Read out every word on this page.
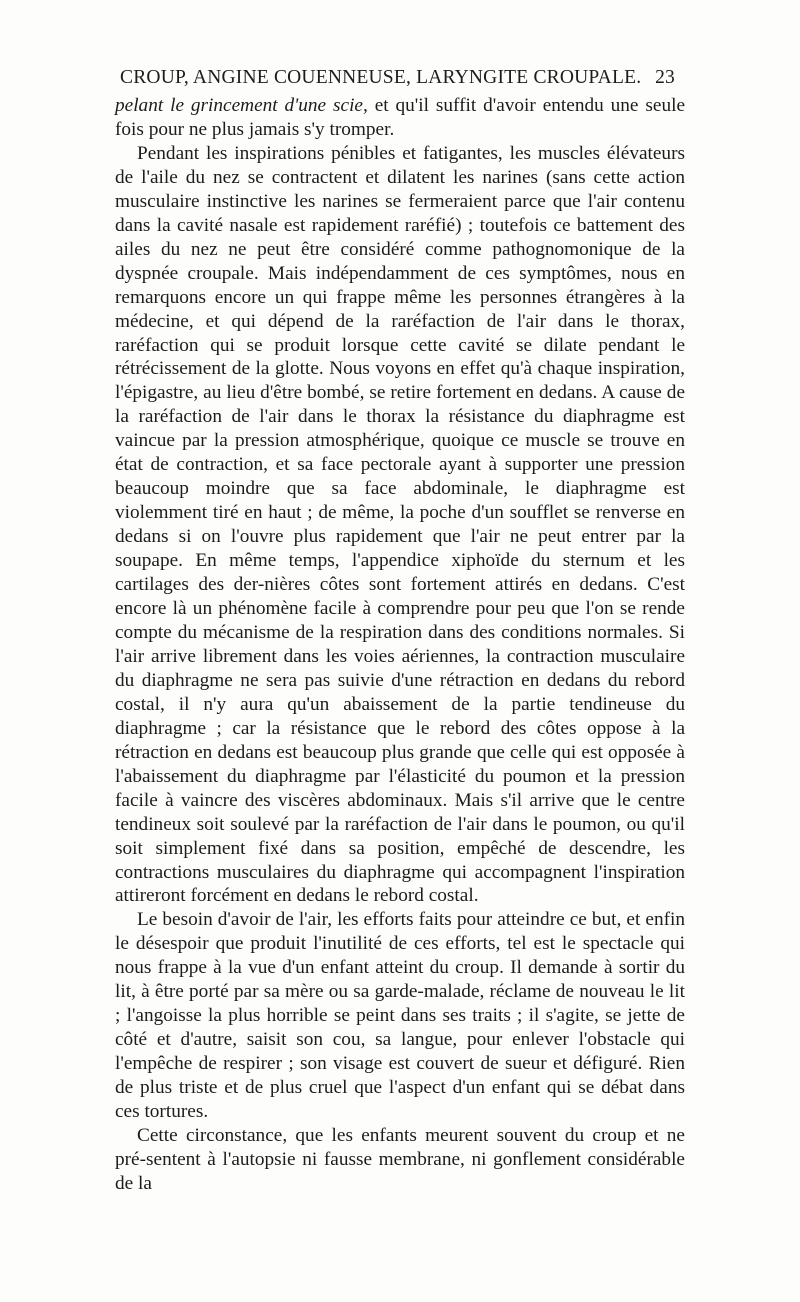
CROUP, ANGINE COUENNEUSE, LARYNGITE CROUPALE. 23

pelant le grincement d'une scie, et qu'il suffit d'avoir entendu une seule fois pour ne plus jamais s'y tromper.

Pendant les inspirations pénibles et fatigantes, les muscles élévateurs de l'aile du nez se contractent et dilatent les narines (sans cette action musculaire instinctive les narines se fermeraient parce que l'air contenu dans la cavité nasale est rapidement raréfié) ; toutefois ce battement des ailes du nez ne peut être considéré comme pathognomonique de la dyspnée croupale. Mais indépendamment de ces symptômes, nous en remarquons encore un qui frappe même les personnes étrangères à la médecine, et qui dépend de la raréfaction de l'air dans le thorax, raréfaction qui se produit lorsque cette cavité se dilate pendant le rétrécissement de la glotte. Nous voyons en effet qu'à chaque inspiration, l'épigastre, au lieu d'être bombé, se retire fortement en dedans. A cause de la raréfaction de l'air dans le thorax la résistance du diaphragme est vaincue par la pression atmosphérique, quoique ce muscle se trouve en état de contraction, et sa face pectorale ayant à supporter une pression beaucoup moindre que sa face abdominale, le diaphragme est violemment tiré en haut ; de même, la poche d'un soufflet se renverse en dedans si on l'ouvre plus rapidement que l'air ne peut entrer par la soupape. En même temps, l'appendice xiphoïde du sternum et les cartilages des der-nières côtes sont fortement attirés en dedans. C'est encore là un phénomène facile à comprendre pour peu que l'on se rende compte du mécanisme de la respiration dans des conditions normales. Si l'air arrive librement dans les voies aériennes, la contraction musculaire du diaphragme ne sera pas suivie d'une rétraction en dedans du rebord costal, il n'y aura qu'un abaissement de la partie tendineuse du diaphragme ; car la résistance que le rebord des côtes oppose à la rétraction en dedans est beaucoup plus grande que celle qui est opposée à l'abaissement du diaphragme par l'élasticité du poumon et la pression facile à vaincre des viscères abdominaux. Mais s'il arrive que le centre tendineux soit soulevé par la raréfaction de l'air dans le poumon, ou qu'il soit simplement fixé dans sa position, empêché de descendre, les contractions musculaires du diaphragme qui accompagnent l'inspiration attireront forcément en dedans le rebord costal.

Le besoin d'avoir de l'air, les efforts faits pour atteindre ce but, et enfin le désespoir que produit l'inutilité de ces efforts, tel est le spectacle qui nous frappe à la vue d'un enfant atteint du croup. Il demande à sortir du lit, à être porté par sa mère ou sa garde-malade, réclame de nouveau le lit ; l'angoisse la plus horrible se peint dans ses traits ; il s'agite, se jette de côté et d'autre, saisit son cou, sa langue, pour enlever l'obstacle qui l'empêche de respirer ; son visage est couvert de sueur et défiguré. Rien de plus triste et de plus cruel que l'aspect d'un enfant qui se débat dans ces tortures.

Cette circonstance, que les enfants meurent souvent du croup et ne pré-sentent à l'autopsie ni fausse membrane, ni gonflement considérable de la
